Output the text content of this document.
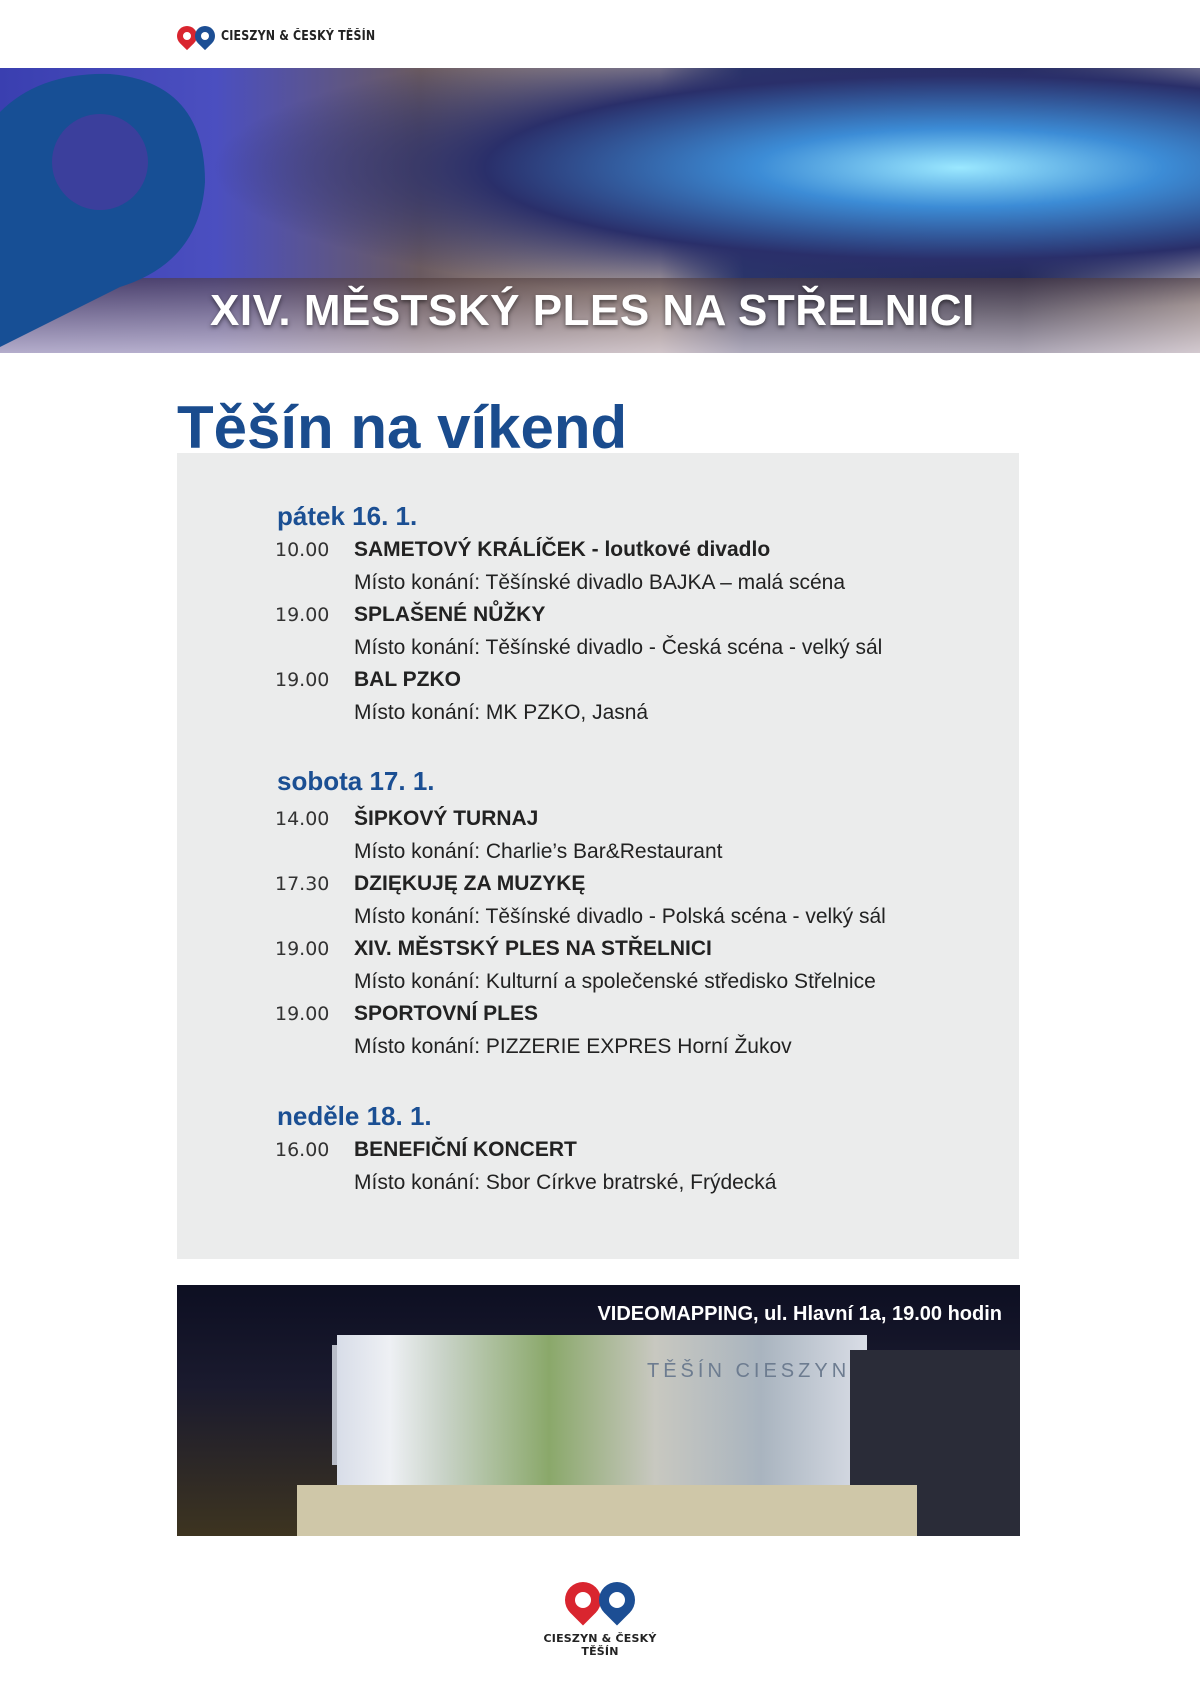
CIESZYN & ČESKÝ TĚŠÍN
XIV. MĚSTSKÝ PLES NA STŘELNICI
Těšín na víkend
pátek 16. 1.
10.00 SAMETOVÝ KRÁLÍČEK - loutkové divadlo
Místo konání: Těšínské divadlo BAJKA – malá scéna
19.00 SPLAŠENÉ NŮŽKY
Místo konání: Těšínské divadlo - Česká scéna - velký sál
19.00 BAL PZKO
Místo konání: MK PZKO, Jasná
sobota 17. 1.
14.00 ŠIPKOVÝ TURNAJ
Místo konání: Charlie’s Bar&Restaurant
17.30 DZIĘKUJĘ ZA MUZYKĘ
Místo konání: Těšínské divadlo - Polská scéna - velký sál
19.00 XIV. MĚSTSKÝ PLES NA STŘELNICI
Místo konání: Kulturní a společenské středisko Střelnice
19.00 SPORTOVNÍ PLES
Místo konání: PIZZERIE EXPRES Horní Žukov
neděle 18. 1.
16.00 BENEFIČNÍ KONCERT
Místo konání: Sbor Církve bratrské, Frýdecká
TĚŠÍN CIESZYN
VIDEOMAPPING, ul. Hlavní 1a, 19.00 hodin
CIESZYN & ČESKÝ TĚŠÍN
